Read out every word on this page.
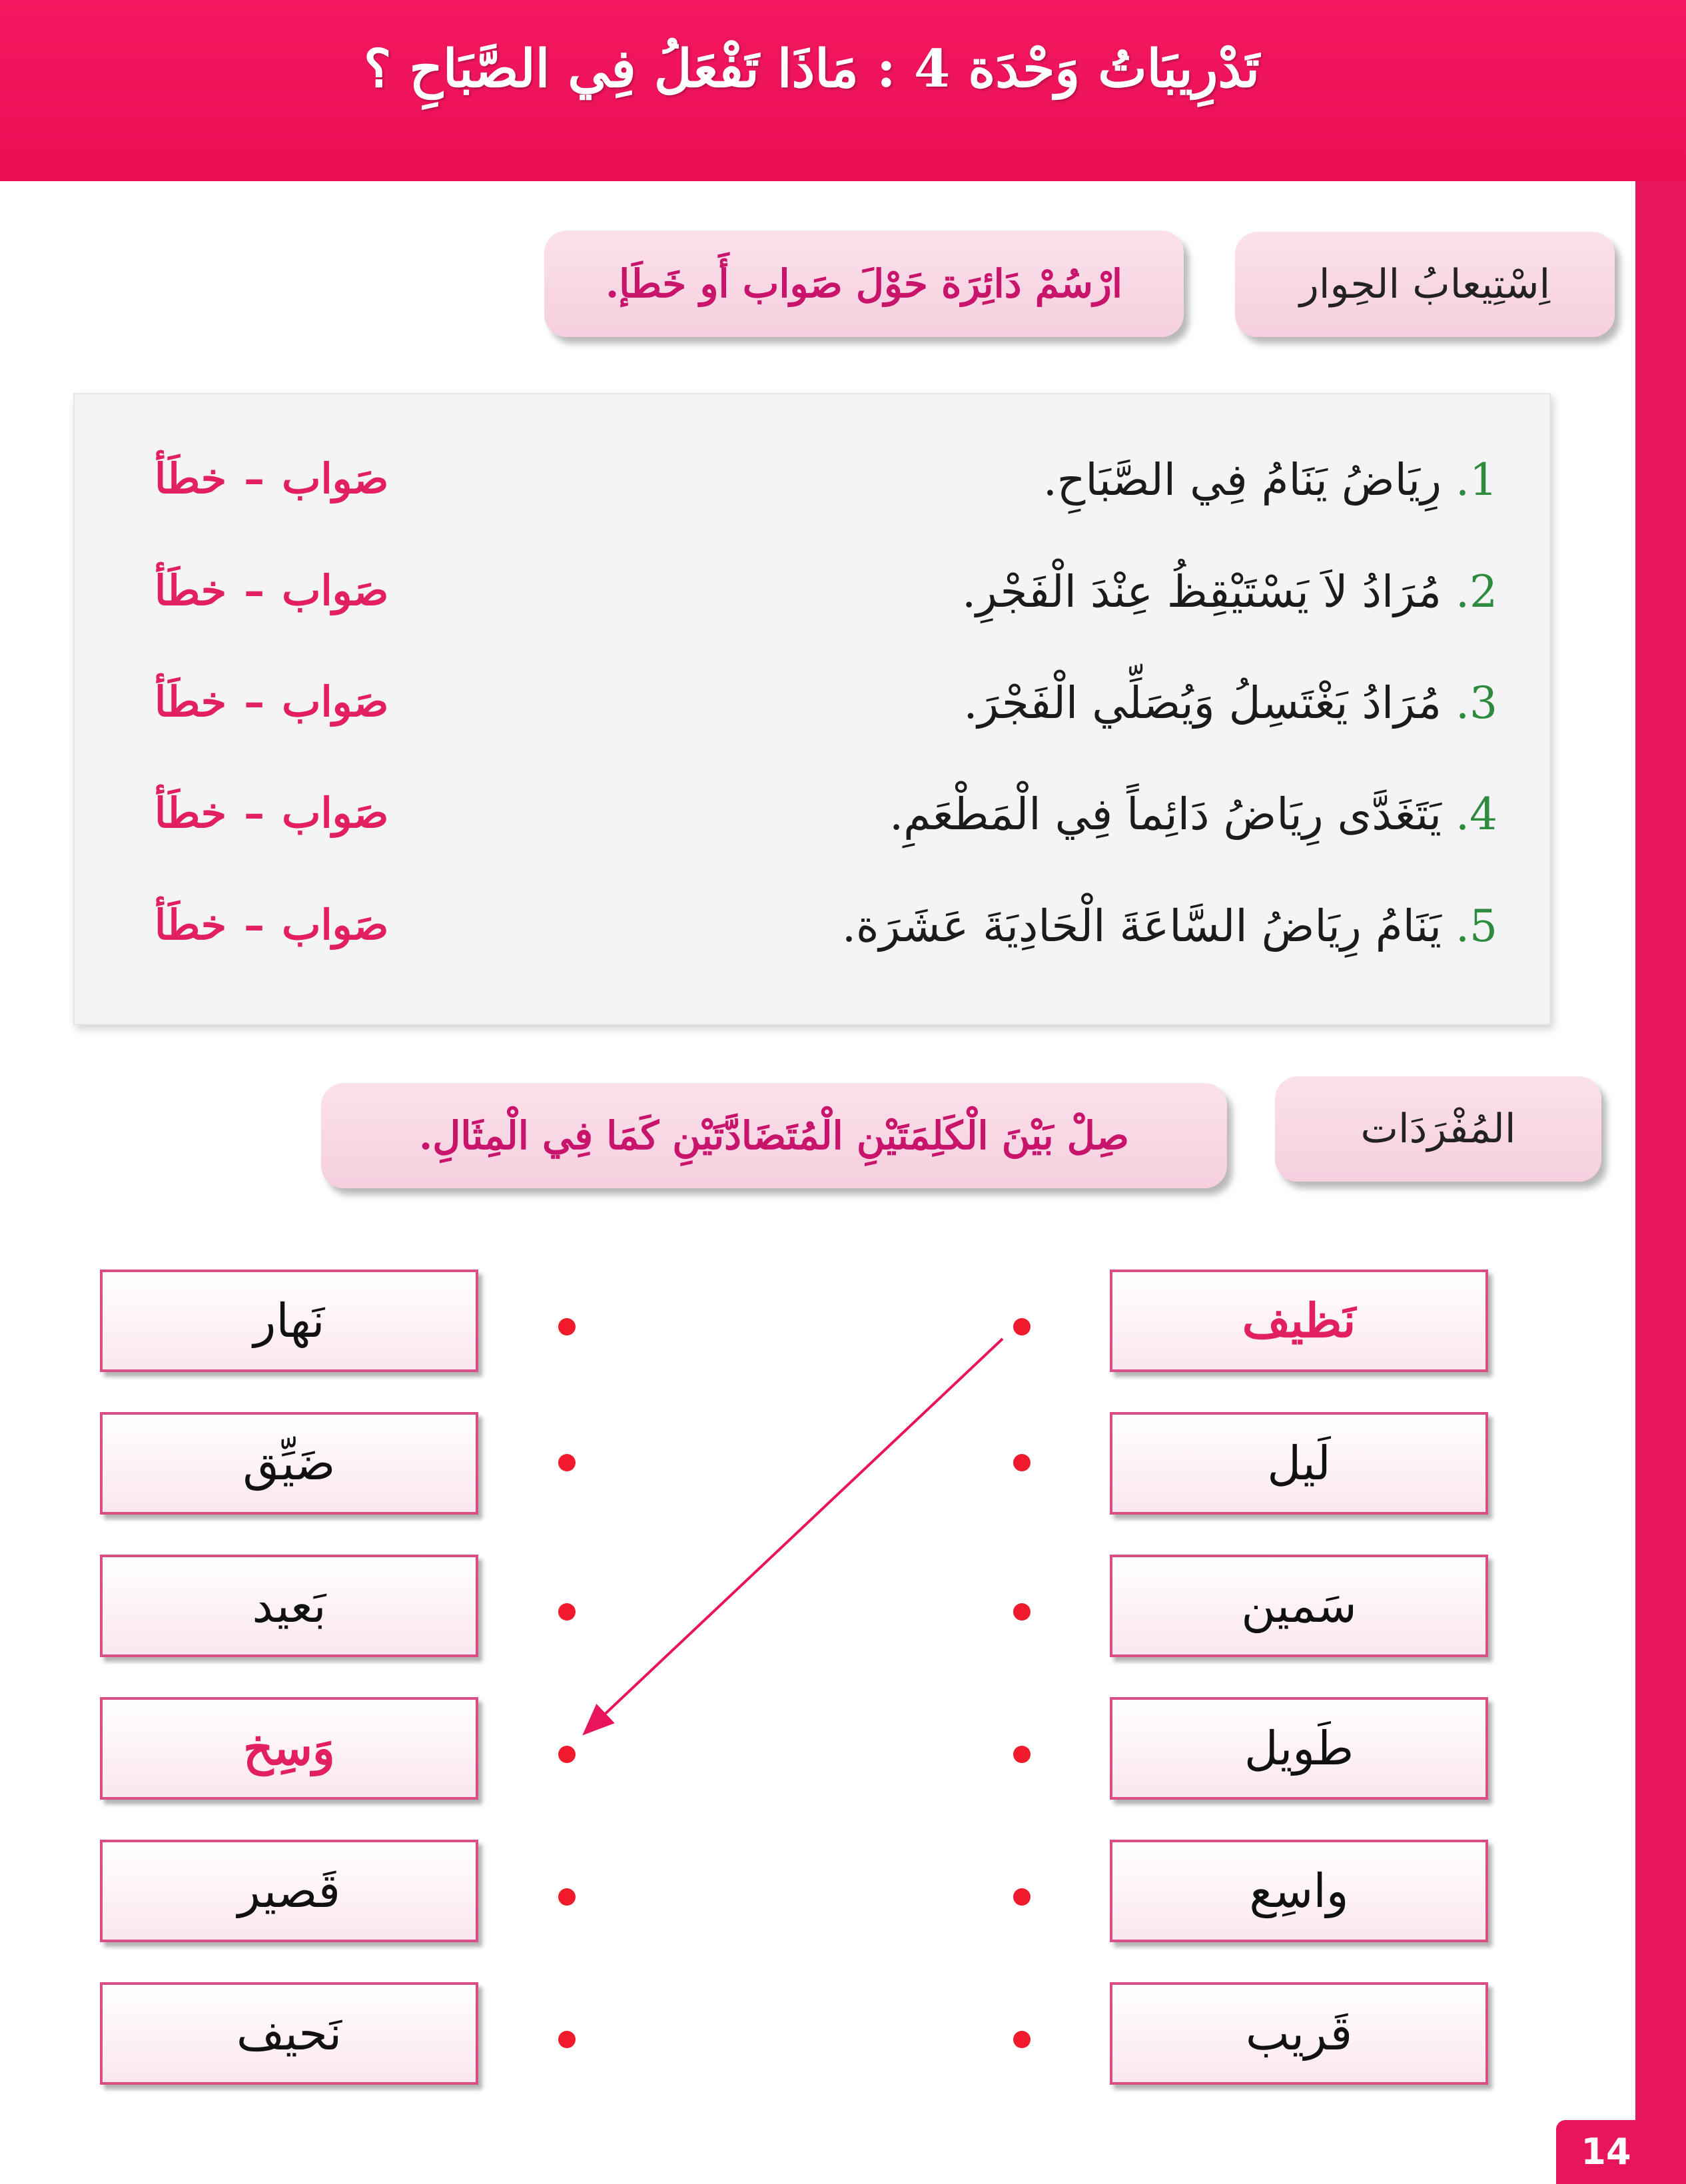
تَدْرِيبَاتُ وَحْدَة 4 : مَاذَا تَفْعَلُ فِي الصَّبَاحِ ؟
اِسْتِيعابُ الحِوار
ارْسُمْ دَائِرَة حَوْلَ صَواب أَو خَطَإ.
1. رِيَاضُ يَنَامُ فِي الصَّبَاحِ.
صَواب–خطَأ
2. مُرَادُ لاَ يَسْتَيْقِظُ عِنْدَ الْفَجْرِ.
صَواب–خطَأ
3. مُرَادُ يَغْتَسِلُ وَيُصَلِّي الْفَجْرَ.
صَواب–خطَأ
4. يَتَغَدَّى رِيَاضُ دَائِماً فِي الْمَطْعَمِ.
صَواب–خطَأ
5. يَنَامُ رِيَاضُ السَّاعَةَ الْحَادِيَةَ عَشَرَة.
صَواب–خطَأ
المُفْرَدَات
صِلْ بَيْنَ الْكَلِمَتَيْنِ الْمُتَضَادَّتَيْنِ كَمَا فِي الْمِثَالِ.
نَظيف
لَيل
سَمين
طَويل
واسِع
قَريب
نَهار
ضَيِّق
بَعيد
وَسِخ
قَصير
نَحيف
14
